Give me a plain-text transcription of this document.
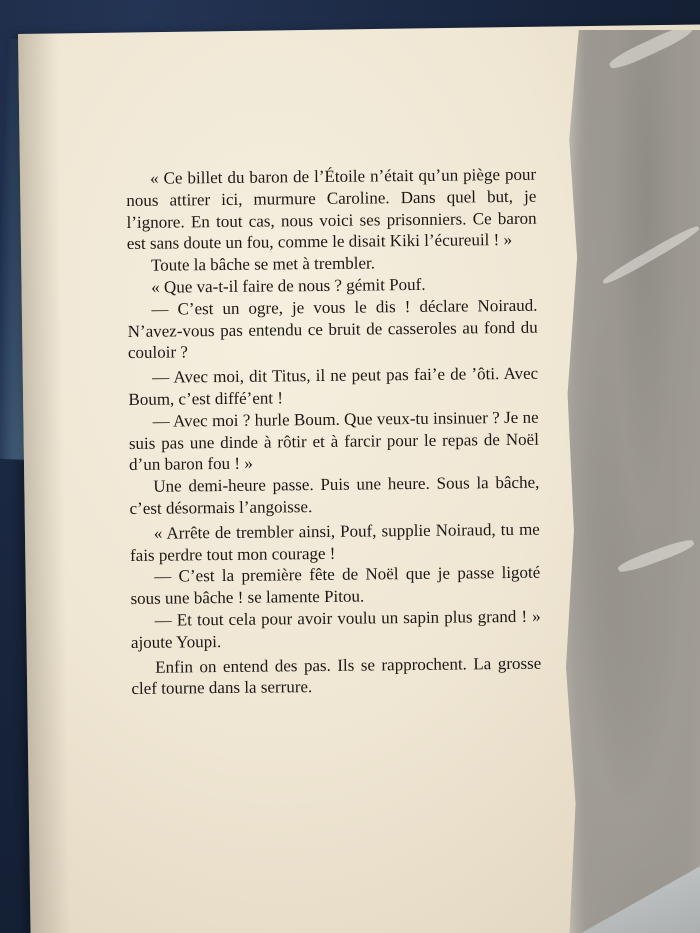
« Ce billet du baron de l’Étoile n’était qu’un piège pour nous attirer ici, murmure Caroline. Dans quel but, je l’ignore. En tout cas, nous voici ses prisonniers. Ce baron est sans doute un fou, comme le disait Kiki l’écureuil ! »

Toute la bâche se met à trembler.

« Que va-t-il faire de nous ? gémit Pouf.

— C’est un ogre, je vous le dis ! déclare Noiraud. N’avez-vous pas entendu ce bruit de casseroles au fond du couloir ?

— Avec moi, dit Titus, il ne peut pas fai’e de ’ôti. Avec Boum, c’est diffé’ent !

— Avec moi ? hurle Boum. Que veux-tu insinuer ? Je ne suis pas une dinde à rôtir et à farcir pour le repas de Noël d’un baron fou ! »

Une demi-heure passe. Puis une heure. Sous la bâche, c’est désormais l’angoisse.

« Arrête de trembler ainsi, Pouf, supplie Noiraud, tu me fais perdre tout mon courage !

— C’est la première fête de Noël que je passe ligoté sous une bâche ! se lamente Pitou.

— Et tout cela pour avoir voulu un sapin plus grand ! » ajoute Youpi.

Enfin on entend des pas. Ils se rapprochent. La grosse clef tourne dans la serrure.
